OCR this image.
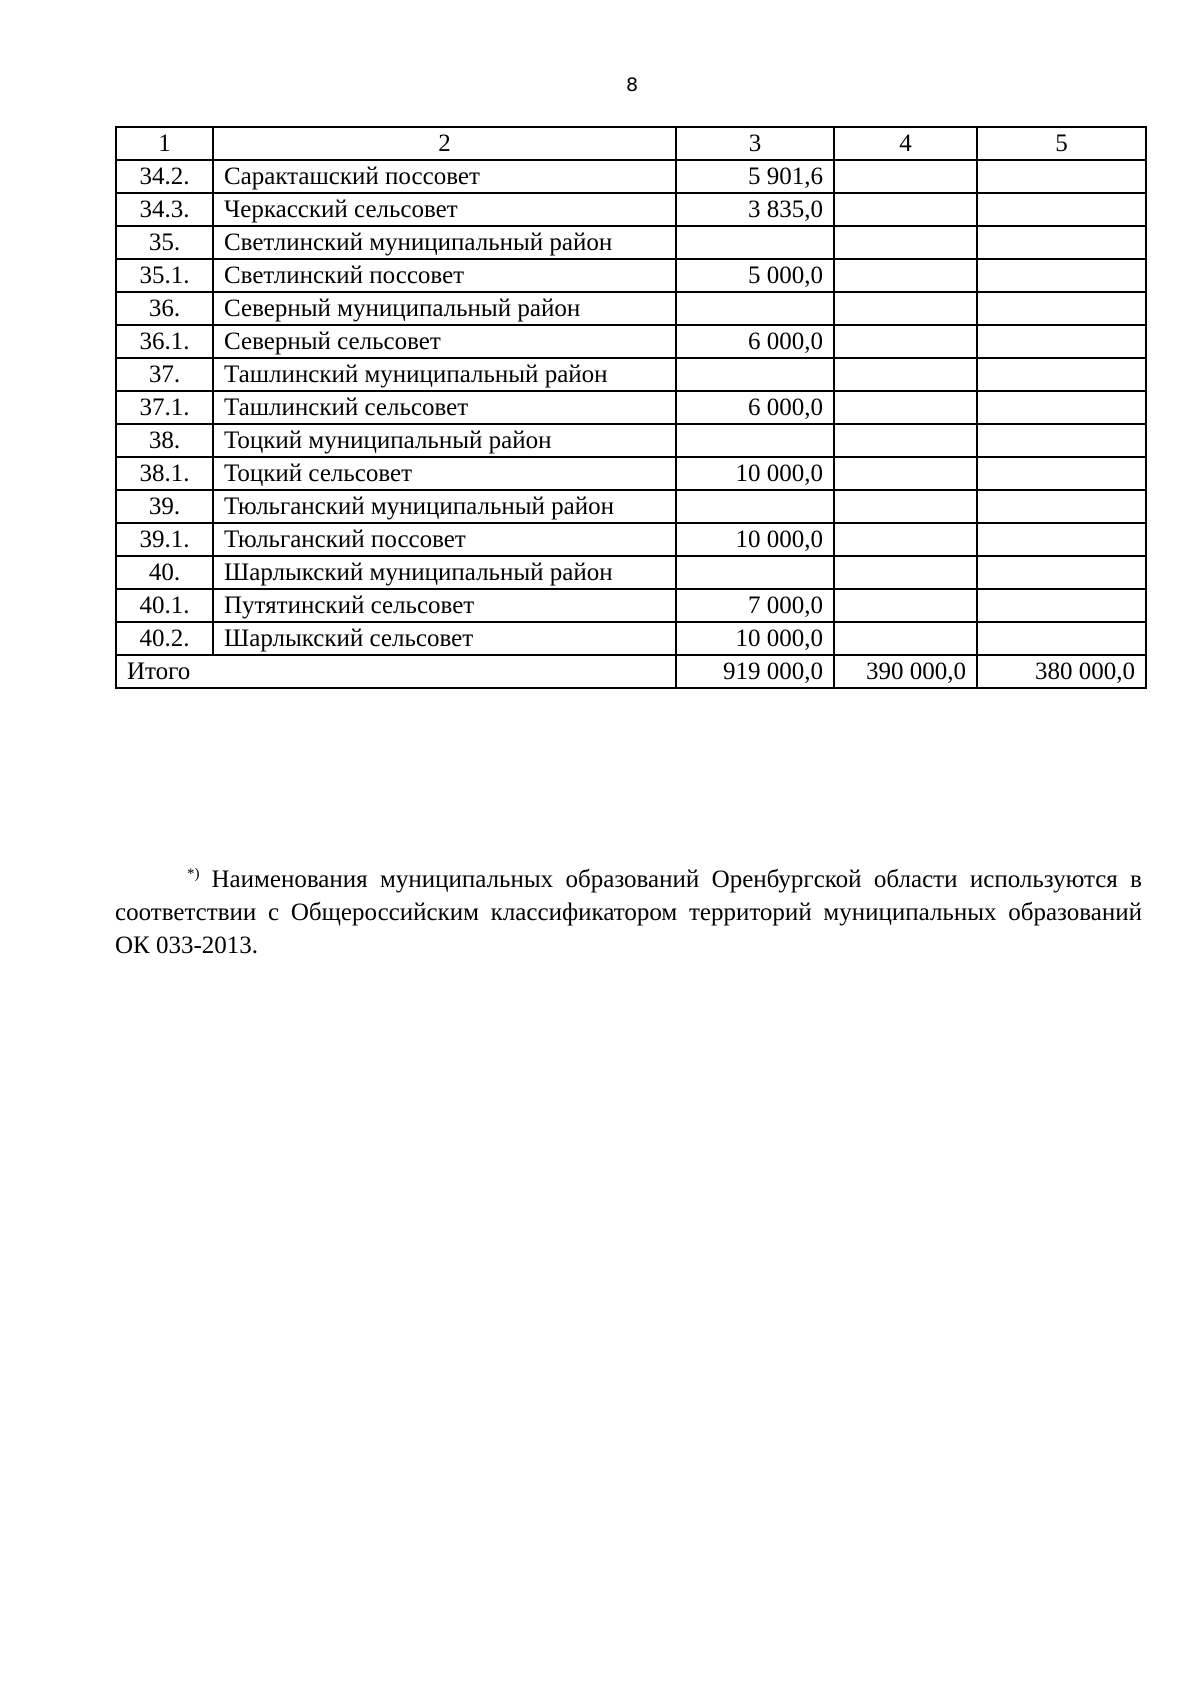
8
1	2	3	4	5
34.2.	Саракташский поссовет	5 901,6		
34.3.	Черкасский сельсовет	3 835,0		
35.	Светлинский муниципальный район			
35.1.	Светлинский поссовет	5 000,0		
36.	Северный муниципальный район			
36.1.	Северный сельсовет	6 000,0		
37.	Ташлинский муниципальный район			
37.1.	Ташлинский сельсовет	6 000,0		
38.	Тоцкий муниципальный район			
38.1.	Тоцкий сельсовет	10 000,0		
39.	Тюльганский муниципальный район			
39.1.	Тюльганский поссовет	10 000,0		
40.	Шарлыкский муниципальный район			
40.1.	Путятинский сельсовет	7 000,0		
40.2.	Шарлыкский сельсовет	10 000,0		
Итого		919 000,0	390 000,0	380 000,0
*) Наименования муниципальных образований Оренбургской области используются в соответствии с Общероссийским классификатором территорий муниципальных образований ОК 033-2013.
